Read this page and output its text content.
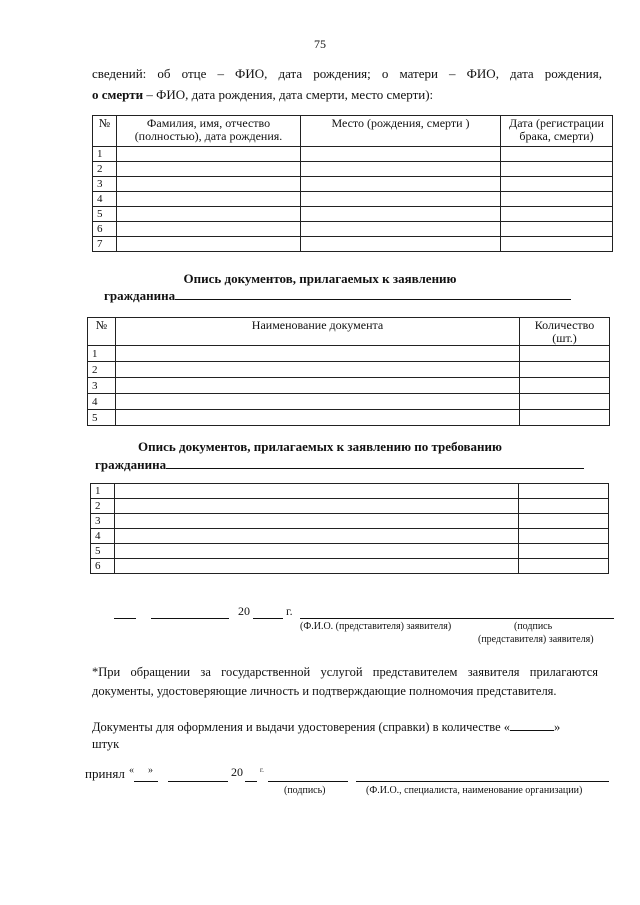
75
сведений: об отце – ФИО, дата рождения; о матери – ФИО, дата рождения,
о смерти – ФИО, дата рождения, дата смерти, место смерти):
№	Фамилия, имя, отчество (полностью), дата рождения.	Место (рождения, смерти )	Дата (регистрации брака, смерти)
1			
2			
3			
4			
5			
6			
7			
Опись документов, прилагаемых к заявлению
гражданина
№	Наименование документа	Количество (шт.)
1		
2		
3		
4		
5		
Опись документов, прилагаемых к заявлению по требованию
гражданина
1		
2		
3		
4		
5		
6		
20	г.
(Ф.И.О. (представителя) заявителя)	(подпись
(представителя) заявителя)
*При обращении за государственной услугой представителем заявителя прилагаются документы, удостоверяющие личность и подтверждающие полномочия представителя.
Документы для оформления и выдачи удостоверения (справки) в количестве «	»
штук
принял « »	20 г.
(подпись)	(Ф.И.О., специалиста, наименование организации)
